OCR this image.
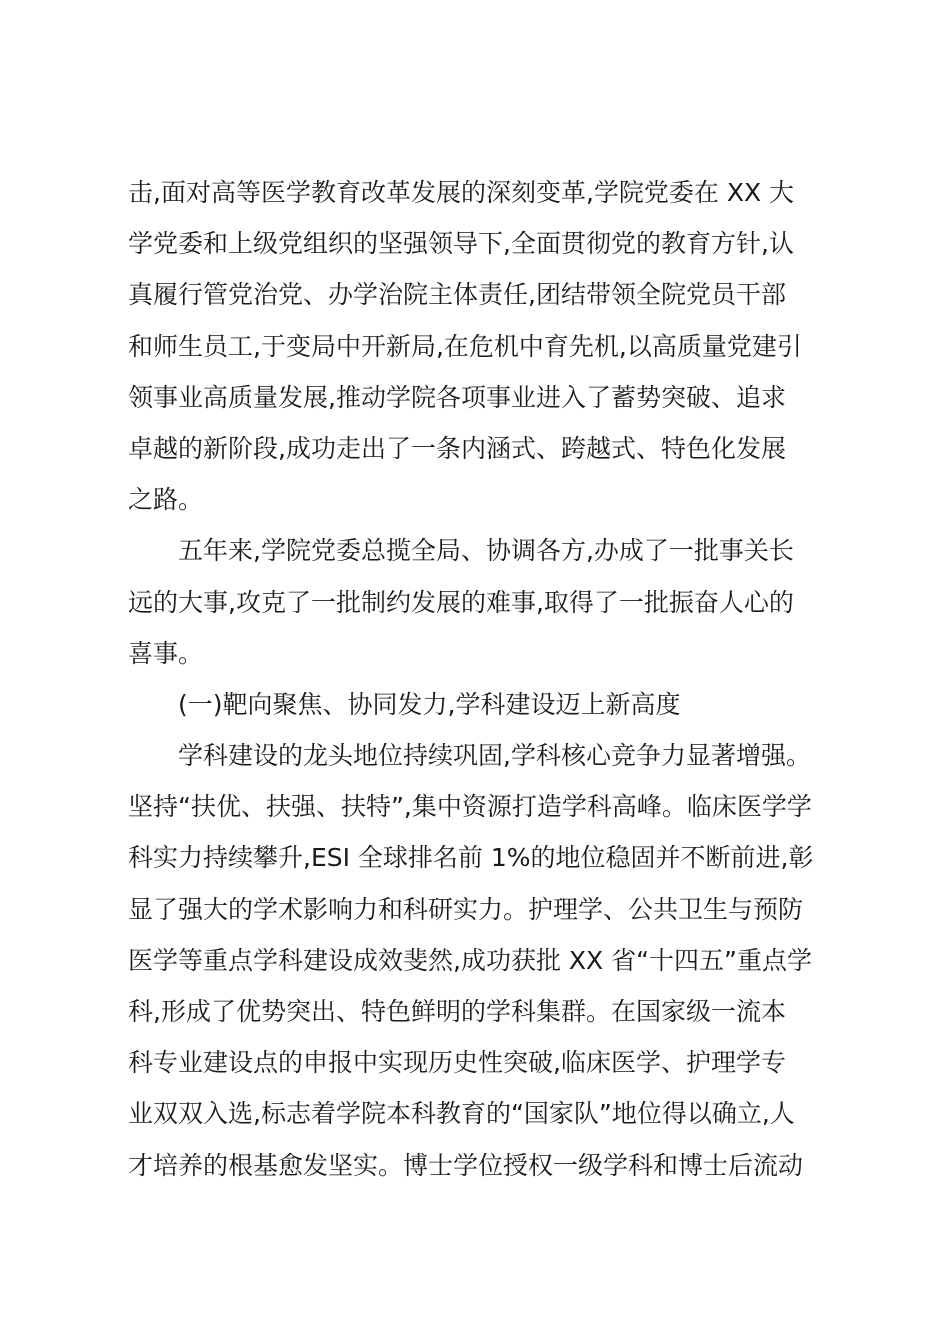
击,面对高等医学教育改革发展的深刻变革,学院党委在 XX 大
学党委和上级党组织的坚强领导下,全面贯彻党的教育方针,认
真履行管党治党、办学治院主体责任,团结带领全院党员干部
和师生员工,于变局中开新局,在危机中育先机,以高质量党建引
领事业高质量发展,推动学院各项事业进入了蓄势突破、追求
卓越的新阶段,成功走出了一条内涵式、跨越式、特色化发展
之路。
五年来,学院党委总揽全局、协调各方,办成了一批事关长
远的大事,攻克了一批制约发展的难事,取得了一批振奋人心的
喜事。
(一)靶向聚焦、协同发力,学科建设迈上新高度
学科建设的龙头地位持续巩固,学科核心竞争力显著增强。
坚持“扶优、扶强、扶特”,集中资源打造学科高峰。临床医学学
科实力持续攀升,ESI 全球排名前 1%的地位稳固并不断前进,彰
显了强大的学术影响力和科研实力。护理学、公共卫生与预防
医学等重点学科建设成效斐然,成功获批 XX 省“十四五”重点学
科,形成了优势突出、特色鲜明的学科集群。在国家级一流本
科专业建设点的申报中实现历史性突破,临床医学、护理学专
业双双入选,标志着学院本科教育的“国家队”地位得以确立,人
才培养的根基愈发坚实。博士学位授权一级学科和博士后流动
